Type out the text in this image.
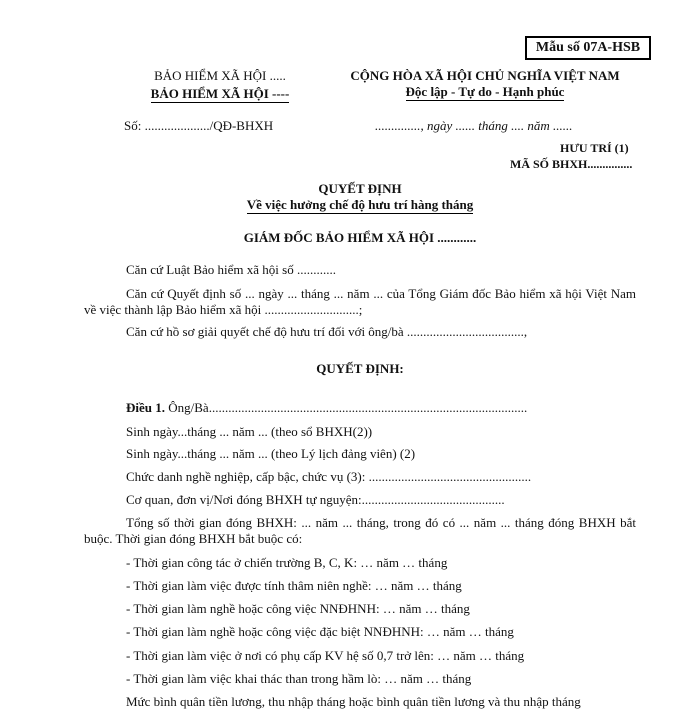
Mẫu số 07A-HSB
BẢO HIỂM XÃ HỘI .....
BẢO HIỂM XÃ HỘI ----
CỘNG HÒA XÃ HỘI CHỦ NGHĨA VIỆT NAM
Độc lập - Tự do - Hạnh phúc
Số: ..................../QĐ-BHXH	.............., ngày ...... tháng .... năm ......
HƯU TRÍ (1)
MÃ SỐ BHXH...............
QUYẾT ĐỊNH
Về việc hưởng chế độ hưu trí hàng tháng
GIÁM ĐỐC BẢO HIỂM XÃ HỘI ............
Căn cứ Luật Bảo hiểm xã hội số ............
Căn cứ Quyết định số ... ngày ... tháng ... năm ... của Tổng Giám đốc Bảo hiểm xã hội Việt Nam về việc thành lập Bảo hiểm xã hội .............................;
Căn cứ hồ sơ giải quyết chế độ hưu trí đối với ông/bà ....................................,
QUYẾT ĐỊNH:
Điều 1. Ông/Bà..................................................................................................
Sinh ngày...tháng ... năm ... (theo sổ BHXH(2))
Sinh ngày...tháng ... năm ... (theo Lý lịch đảng viên) (2)
Chức danh nghề nghiệp, cấp bậc, chức vụ (3): ..................................................
Cơ quan, đơn vị/Nơi đóng BHXH tự nguyện:............................................
Tổng số thời gian đóng BHXH: ... năm ... tháng, trong đó có ... năm ... tháng đóng BHXH bắt buộc. Thời gian đóng BHXH bắt buộc có:
- Thời gian công tác ở chiến trường B, C, K: … năm … tháng
- Thời gian làm việc được tính thâm niên nghề: … năm … tháng
- Thời gian làm nghề hoặc công việc NNĐHNH: … năm … tháng
- Thời gian làm nghề hoặc công việc đặc biệt NNĐHNH: … năm … tháng
- Thời gian làm việc ở nơi có phụ cấp KV hệ số 0,7 trở lên: … năm … tháng
- Thời gian làm việc khai thác than trong hầm lò: … năm … tháng
Mức bình quân tiền lương, thu nhập tháng hoặc bình quân tiền lương và thu nhập tháng
